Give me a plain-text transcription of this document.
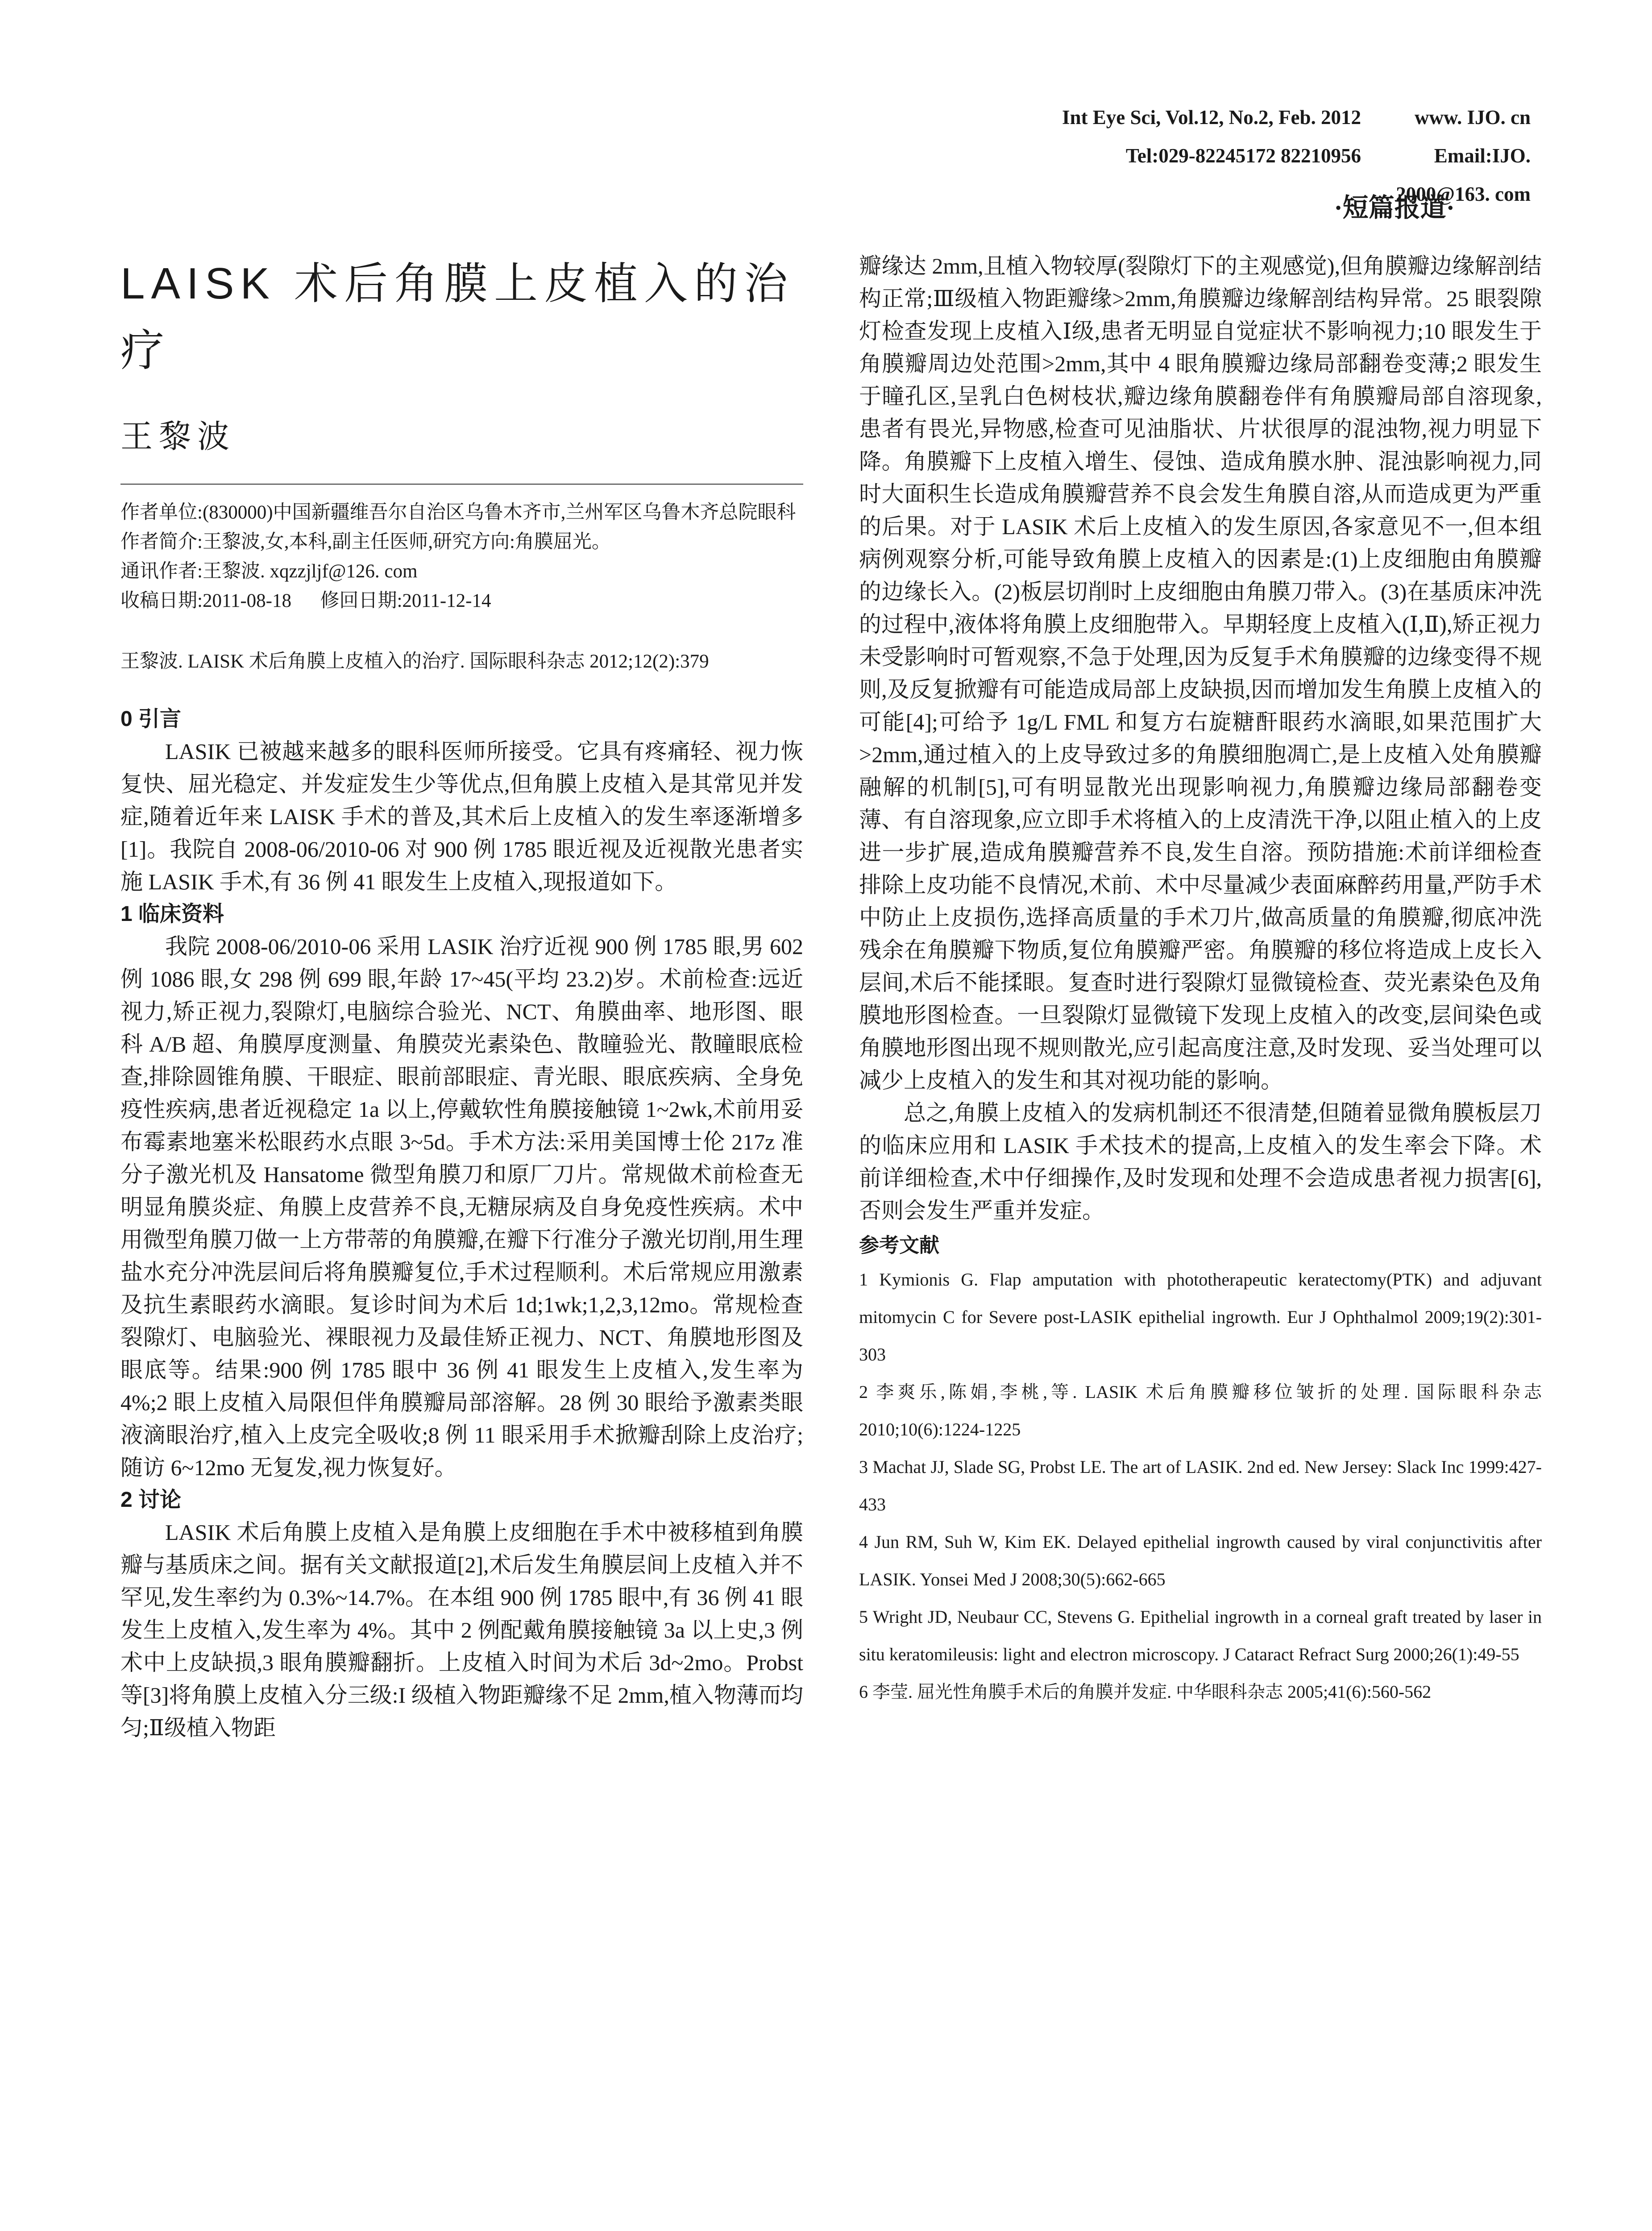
Int Eye Sci, Vol.12, No.2, Feb. 2012
Tel:029-82245172 82210956
www. IJO. cn
Email:IJO. 2000@163. com
·短篇报道·
LAISK 术后角膜上皮植入的治疗
王黎波
作者单位:(830000)中国新疆维吾尔自治区乌鲁木齐市,兰州军区乌鲁木齐总院眼科
作者简介:王黎波,女,本科,副主任医师,研究方向:角膜屈光。
通讯作者:王黎波. xqzzjljf@126. com
收稿日期:2011-08-18      修回日期:2011-12-14
王黎波. LAISK 术后角膜上皮植入的治疗. 国际眼科杂志 2012;12(2):379
0 引言

LASIK 已被越来越多的眼科医师所接受。它具有疼痛轻、视力恢复快、屈光稳定、并发症发生少等优点,但角膜上皮植入是其常见并发症,随着近年来 LAISK 手术的普及,其术后上皮植入的发生率逐渐增多[1]。我院自 2008-06/2010-06 对 900 例 1785 眼近视及近视散光患者实施 LASIK 手术,有 36 例 41 眼发生上皮植入,现报道如下。

1 临床资料

我院 2008-06/2010-06 采用 LASIK 治疗近视 900 例 1785 眼,男 602 例 1086 眼,女 298 例 699 眼,年龄 17~45(平均 23.2)岁。术前检查:远近视力,矫正视力,裂隙灯,电脑综合验光、NCT、角膜曲率、地形图、眼科 A/B 超、角膜厚度测量、角膜荧光素染色、散瞳验光、散瞳眼底检查,排除圆锥角膜、干眼症、眼前部眼症、青光眼、眼底疾病、全身免疫性疾病,患者近视稳定 1a 以上,停戴软性角膜接触镜 1~2wk,术前用妥布霉素地塞米松眼药水点眼 3~5d。手术方法:采用美国博士伦 217z 准分子激光机及 Hansatome 微型角膜刀和原厂刀片。常规做术前检查无明显角膜炎症、角膜上皮营养不良,无糖尿病及自身免疫性疾病。术中用微型角膜刀做一上方带蒂的角膜瓣,在瓣下行准分子激光切削,用生理盐水充分冲洗层间后将角膜瓣复位,手术过程顺利。术后常规应用激素及抗生素眼药水滴眼。复诊时间为术后 1d;1wk;1,2,3,12mo。常规检查裂隙灯、电脑验光、裸眼视力及最佳矫正视力、NCT、角膜地形图及眼底等。结果:900 例 1785 眼中 36 例 41 眼发生上皮植入,发生率为 4%;2 眼上皮植入局限但伴角膜瓣局部溶解。28 例 30 眼给予激素类眼液滴眼治疗,植入上皮完全吸收;8 例 11 眼采用手术掀瓣刮除上皮治疗;随访 6~12mo 无复发,视力恢复好。

2 讨论

LASIK 术后角膜上皮植入是角膜上皮细胞在手术中被移植到角膜瓣与基质床之间。据有关文献报道[2],术后发生角膜层间上皮植入并不罕见,发生率约为 0.3%~14.7%。在本组 900 例 1785 眼中,有 36 例 41 眼发生上皮植入,发生率为 4%。其中 2 例配戴角膜接触镜 3a 以上史,3 例术中上皮缺损,3 眼角膜瓣翻折。上皮植入时间为术后 3d~2mo。Probst 等[3]将角膜上皮植入分三级:I 级植入物距瓣缘不足 2mm,植入物薄而均匀;Ⅱ级植入物距

瓣缘达 2mm,且植入物较厚(裂隙灯下的主观感觉),但角膜瓣边缘解剖结构正常;Ⅲ级植入物距瓣缘>2mm,角膜瓣边缘解剖结构异常。25 眼裂隙灯检查发现上皮植入Ⅰ级,患者无明显自觉症状不影响视力;10 眼发生于角膜瓣周边处范围>2mm,其中 4 眼角膜瓣边缘局部翻卷变薄;2 眼发生于瞳孔区,呈乳白色树枝状,瓣边缘角膜翻卷伴有角膜瓣局部自溶现象,患者有畏光,异物感,检查可见油脂状、片状很厚的混浊物,视力明显下降。角膜瓣下上皮植入增生、侵蚀、造成角膜水肿、混浊影响视力,同时大面积生长造成角膜瓣营养不良会发生角膜自溶,从而造成更为严重的后果。对于 LASIK 术后上皮植入的发生原因,各家意见不一,但本组病例观察分析,可能导致角膜上皮植入的因素是:(1)上皮细胞由角膜瓣的边缘长入。(2)板层切削时上皮细胞由角膜刀带入。(3)在基质床冲洗的过程中,液体将角膜上皮细胞带入。早期轻度上皮植入(Ⅰ,Ⅱ),矫正视力未受影响时可暂观察,不急于处理,因为反复手术角膜瓣的边缘变得不规则,及反复掀瓣有可能造成局部上皮缺损,因而增加发生角膜上皮植入的可能[4];可给予 1g/L FML 和复方右旋糖酐眼药水滴眼,如果范围扩大>2mm,通过植入的上皮导致过多的角膜细胞凋亡,是上皮植入处角膜瓣融解的机制[5],可有明显散光出现影响视力,角膜瓣边缘局部翻卷变薄、有自溶现象,应立即手术将植入的上皮清洗干净,以阻止植入的上皮进一步扩展,造成角膜瓣营养不良,发生自溶。预防措施:术前详细检查排除上皮功能不良情况,术前、术中尽量减少表面麻醉药用量,严防手术中防止上皮损伤,选择高质量的手术刀片,做高质量的角膜瓣,彻底冲洗残余在角膜瓣下物质,复位角膜瓣严密。角膜瓣的移位将造成上皮长入层间,术后不能揉眼。复查时进行裂隙灯显微镜检查、荧光素染色及角膜地形图检查。一旦裂隙灯显微镜下发现上皮植入的改变,层间染色或角膜地形图出现不规则散光,应引起高度注意,及时发现、妥当处理可以减少上皮植入的发生和其对视功能的影响。

总之,角膜上皮植入的发病机制还不很清楚,但随着显微角膜板层刀的临床应用和 LASIK 手术技术的提高,上皮植入的发生率会下降。术前详细检查,术中仔细操作,及时发现和处理不会造成患者视力损害[6],否则会发生严重并发症。

参考文献

1 Kymionis G. Flap amputation with phototherapeutic keratectomy(PTK) and adjuvant mitomycin C for Severe post-LASIK epithelial ingrowth. Eur J Ophthalmol 2009;19(2):301-303

2 李爽乐,陈娟,李桃,等. LASIK 术后角膜瓣移位皱折的处理. 国际眼科杂志 2010;10(6):1224-1225

3 Machat JJ, Slade SG, Probst LE. The art of LASIK. 2nd ed. New Jersey: Slack Inc 1999:427-433

4 Jun RM, Suh W, Kim EK. Delayed epithelial ingrowth caused by viral conjunctivitis after LASIK. Yonsei Med J 2008;30(5):662-665

5 Wright JD, Neubaur CC, Stevens G. Epithelial ingrowth in a corneal graft treated by laser in situ keratomileusis: light and electron microscopy. J Cataract Refract Surg 2000;26(1):49-55

6 李莹. 屈光性角膜手术后的角膜并发症. 中华眼科杂志 2005;41(6):560-562
